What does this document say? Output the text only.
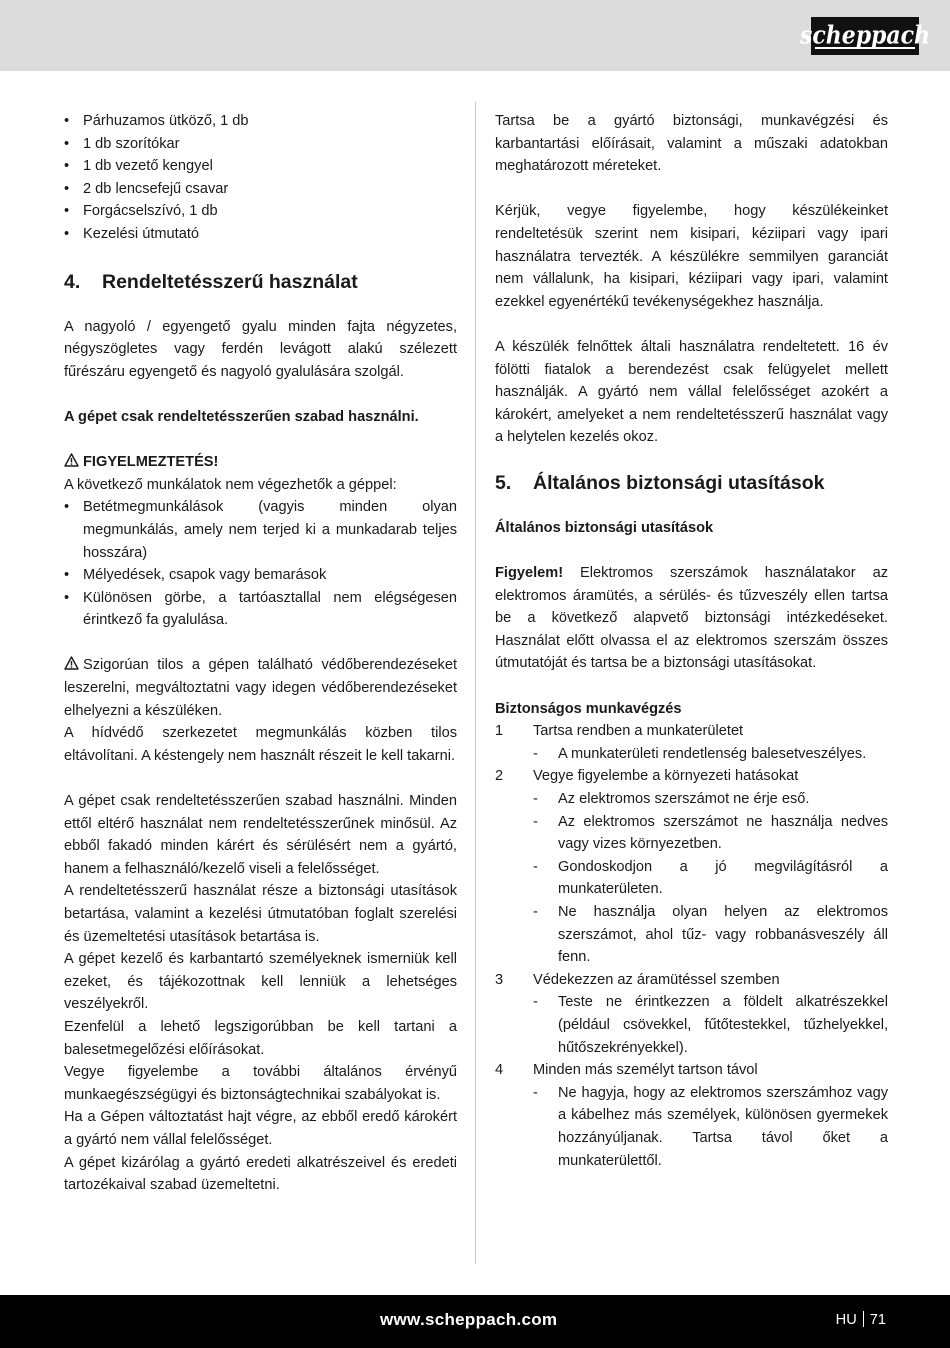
scheppach
• Párhuzamos ütköző, 1 db
• 1 db szorítókar
• 1 db vezető kengyel
• 2 db lencsefejű csavar
• Forgácselszívó, 1 db
• Kezelési útmutató
4. Rendeltetésszerű használat

A nagyoló / egyengető gyalu minden fajta négyzetes, négyszögletes vagy ferdén levágott alakú szélezett fűrészáru egyengető és nagyoló gyalulására szolgál.

A gépet csak rendeltetésszerűen szabad használni.

FIGYELMEZTETÉS!

A következő munkálatok nem végezhetők a géppel:

• Betétmegmunkálások (vagyis minden olyan megmunkálás, amely nem terjed ki a munkadarab teljes hosszára)
• Mélyedések, csapok vagy bemarások
• Különösen görbe, a tartóasztallal nem elégségesen érintkező fa gyalulása.

Szigorúan tilos a gépen található védőberendezéseket leszerelni, megváltoztatni vagy idegen védőberendezéseket elhelyezni a készüléken.

A hídvédő szerkezetet megmunkálás közben tilos eltávolítani. A késtengely nem használt részeit le kell takarni.

A gépet csak rendeltetésszerűen szabad használni. Minden ettől eltérő használat nem rendeltetésszerűnek minősül. Az ebből fakadó minden kárért és sérülésért nem a gyártó, hanem a felhasználó/kezelő viseli a felelősséget.

A rendeltetésszerű használat része a biztonsági utasítások betartása, valamint a kezelési útmutatóban foglalt szerelési és üzemeltetési utasítások betartása is.

A gépet kezelő és karbantartó személyeknek ismerniük kell ezeket, és tájékozottnak kell lenniük a lehetséges veszélyekről.

Ezenfelül a lehető legszigorúbban be kell tartani a balesetmegelőzési előírásokat.

Vegye figyelembe a további általános érvényű munkaegészségügyi és biztonságtechnikai szabályokat is.

Ha a Gépen változtatást hajt végre, az ebből eredő károkért a gyártó nem vállal felelősséget.

A gépet kizárólag a gyártó eredeti alkatrészeivel és eredeti tartozékaival szabad üzemeltetni.

Tartsa be a gyártó biztonsági, munkavégzési és karbantartási előírásait, valamint a műszaki adatokban meghatározott méreteket.

Kérjük, vegye figyelembe, hogy készülékeinket rendeltetésük szerint nem kisipari, kéziipari vagy ipari használatra tervezték. A készülékre semmilyen garanciát nem vállalunk, ha kisipari, kéziipari vagy ipari, valamint ezekkel egyenértékű tevékenységekhez használja.

A készülék felnőttek általi használatra rendeltetett. 16 év fölötti fiatalok a berendezést csak felügyelet mellett használják. A gyártó nem vállal felelősséget azokért a károkért, amelyeket a nem rendeltetésszerű használat vagy a helytelen kezelés okoz.

5. Általános biztonsági utasítások

Általános biztonsági utasítások

Figyelem! Elektromos szerszámok használatakor az elektromos áramütés, a sérülés- és tűzveszély ellen tartsa be a következő alapvető biztonsági intézkedéseket. Használat előtt olvassa el az elektromos szerszám összes útmutatóját és tartsa be a biztonsági utasításokat.

Biztonságos munkavégzés

1 Tartsa rendben a munkaterületet
- A munkaterületi rendetlenség balesetveszélyes.
2 Vegye figyelembe a környezeti hatásokat
- Az elektromos szerszámot ne érje eső.
- Az elektromos szerszámot ne használja nedves vagy vizes környezetben.
- Gondoskodjon a jó megvilágításról a munkaterületen.
- Ne használja olyan helyen az elektromos szerszámot, ahol tűz- vagy robbanásveszély áll fenn.
3 Védekezzen az áramütéssel szemben
- Teste ne érintkezzen a földelt alkatrészekkel (például csövekkel, fűtőtestekkel, tűzhelyekkel, hűtőszekrényekkel).
4 Minden más személyt tartson távol
- Ne hagyja, hogy az elektromos szerszámhoz vagy a kábelhez más személyek, különösen gyermekek hozzányúljanak. Tartsa távol őket a munkaterülettől.
www.scheppach.com	HU 71
